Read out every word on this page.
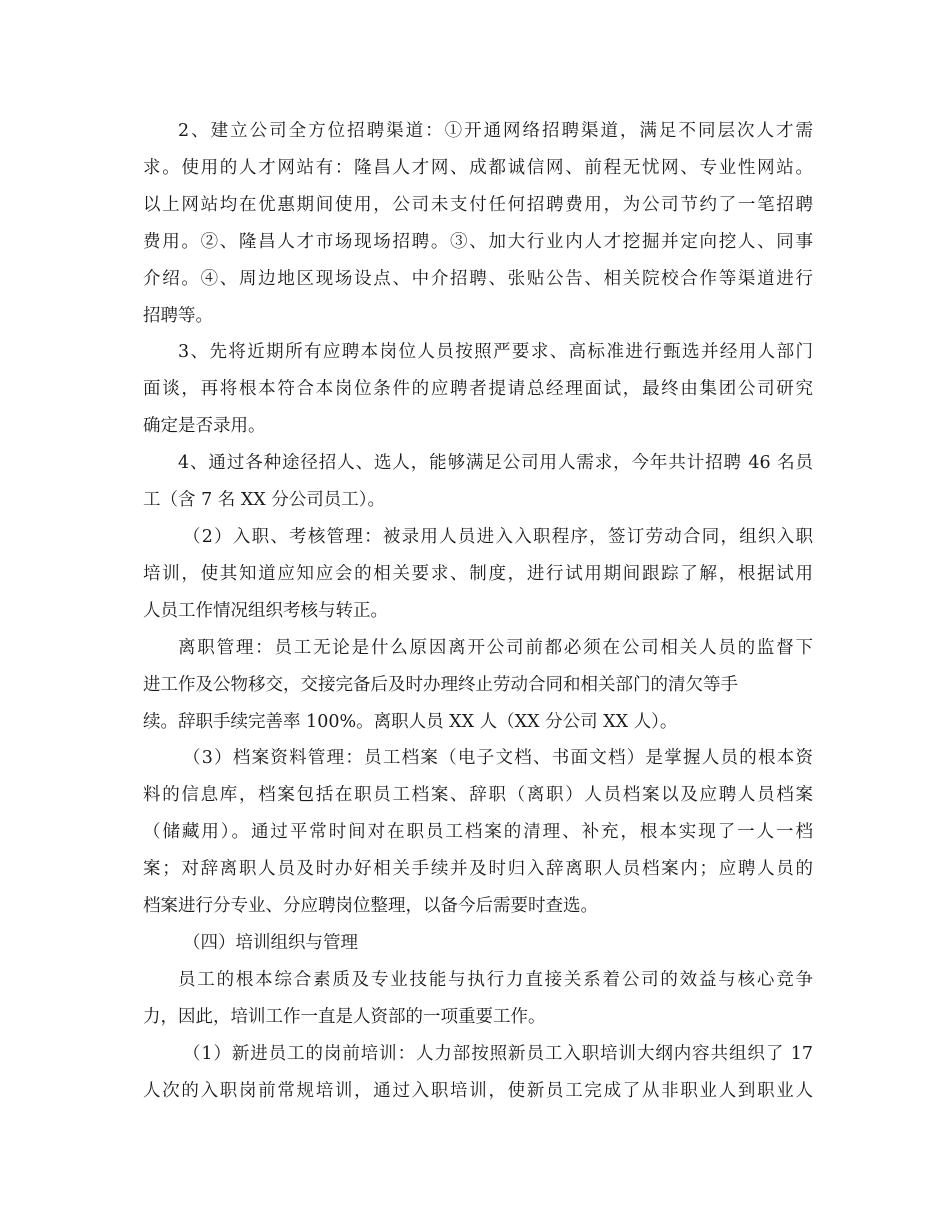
2、建立公司全方位招聘渠道：①开通网络招聘渠道，满足不同层次人才需
求。使用的人才网站有：隆昌人才网、成都诚信网、前程无忧网、专业性网站。
以上网站均在优惠期间使用，公司未支付任何招聘费用，为公司节约了一笔招聘
费用。②、隆昌人才市场现场招聘。③、加大行业内人才挖掘并定向挖人、同事
介绍。④、周边地区现场设点、中介招聘、张贴公告、相关院校合作等渠道进行
招聘等。

3、先将近期所有应聘本岗位人员按照严要求、高标准进行甄选并经用人部门
面谈，再将根本符合本岗位条件的应聘者提请总经理面试，最终由集团公司研究
确定是否录用。

4、通过各种途径招人、选人，能够满足公司用人需求，今年共计招聘 46 名员
工（含 7 名 XX 分公司员工）。

（2）入职、考核管理：被录用人员进入入职程序，签订劳动合同，组织入职
培训，使其知道应知应会的相关要求、制度，进行试用期间跟踪了解，根据试用
人员工作情况组织考核与转正。

离职管理：员工无论是什么原因离开公司前都必须在公司相关人员的监督下
进工作及公物移交，交接完备后及时办理终止劳动合同和相关部门的清欠等手
续。辞职手续完善率 100%。离职人员 XX 人（XX 分公司 XX 人）。

（3）档案资料管理：员工档案（电子文档、书面文档）是掌握人员的根本资
料的信息库，档案包括在职员工档案、辞职（离职）人员档案以及应聘人员档案
（储藏用）。通过平常时间对在职员工档案的清理、补充，根本实现了一人一档
案；对辞离职人员及时办好相关手续并及时归入辞离职人员档案内；应聘人员的
档案进行分专业、分应聘岗位整理，以备今后需要时查选。

（四）培训组织与管理

员工的根本综合素质及专业技能与执行力直接关系着公司的效益与核心竞争
力，因此，培训工作一直是人资部的一项重要工作。

（1）新进员工的岗前培训：人力部按照新员工入职培训大纲内容共组织了 17
人次的入职岗前常规培训，通过入职培训，使新员工完成了从非职业人到职业人
